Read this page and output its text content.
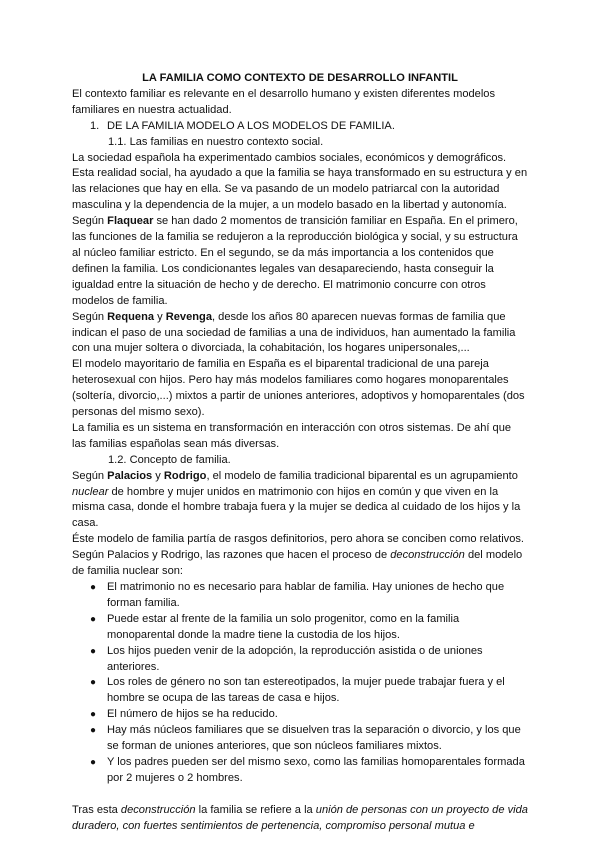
LA FAMILIA COMO CONTEXTO DE DESARROLLO INFANTIL

El contexto familiar es relevante en el desarrollo humano y existen diferentes modelos familiares en nuestra actualidad.

1. DE LA FAMILIA MODELO A LOS MODELOS DE FAMILIA.

1.1. Las familias en nuestro contexto social.

La sociedad española ha experimentado cambios sociales, económicos y demográficos. Esta realidad social, ha ayudado a que la familia se haya transformado en su estructura y en las relaciones que hay en ella. Se va pasando de un modelo patriarcal con la autoridad masculina y la dependencia de la mujer, a un modelo basado en la libertad y autonomía.

Según Flaquear se han dado 2 momentos de transición familiar en España. En el primero, las funciones de la familia se redujeron a la reproducción biológica y social, y su estructura al núcleo familiar estricto. En el segundo, se da más importancia a los contenidos que definen la familia. Los condicionantes legales van desapareciendo, hasta conseguir la igualdad entre la situación de hecho y de derecho. El matrimonio concurre con otros modelos de familia.

Según Requena y Revenga, desde los años 80 aparecen nuevas formas de familia que indican el paso de una sociedad de familias a una de individuos, han aumentado la familia con una mujer soltera o divorciada, la cohabitación, los hogares unipersonales,...

El modelo mayoritario de familia en España es el biparental tradicional de una pareja heterosexual con hijos. Pero hay más modelos familiares como hogares monoparentales (soltería, divorcio,...) mixtos a partir de uniones anteriores, adoptivos y homoparentales (dos personas del mismo sexo).

La familia es un sistema en transformación en interacción con otros sistemas. De ahí que las familias españolas sean más diversas.

1.2. Concepto de familia.

Según Palacios y Rodrigo, el modelo de familia tradicional biparental es un agrupamiento nuclear de hombre y mujer unidos en matrimonio con hijos en común y que viven en la misma casa, donde el hombre trabaja fuera y la mujer se dedica al cuidado de los hijos y la casa.

Éste modelo de familia partía de rasgos definitorios, pero ahora se conciben como relativos.

Según Palacios y Rodrigo, las razones que hacen el proceso de deconstrucción del modelo de familia nuclear son:

● El matrimonio no es necesario para hablar de familia. Hay uniones de hecho que forman familia.
● Puede estar al frente de la familia un solo progenitor, como en la familia monoparental donde la madre tiene la custodia de los hijos.
● Los hijos pueden venir de la adopción, la reproducción asistida o de uniones anteriores.
● Los roles de género no son tan estereotipados, la mujer puede trabajar fuera y el hombre se ocupa de las tareas de casa e hijos.
● El número de hijos se ha reducido.
● Hay más núcleos familiares que se disuelven tras la separación o divorcio, y los que se forman de uniones anteriores, que son núcleos familiares mixtos.
● Y los padres pueden ser del mismo sexo, como las familias homoparentales formada por 2 mujeres o 2 hombres.

Tras esta deconstrucción la familia se refiere a la unión de personas con un proyecto de vida duradero, con fuertes sentimientos de pertenencia, compromiso personal mutua e
